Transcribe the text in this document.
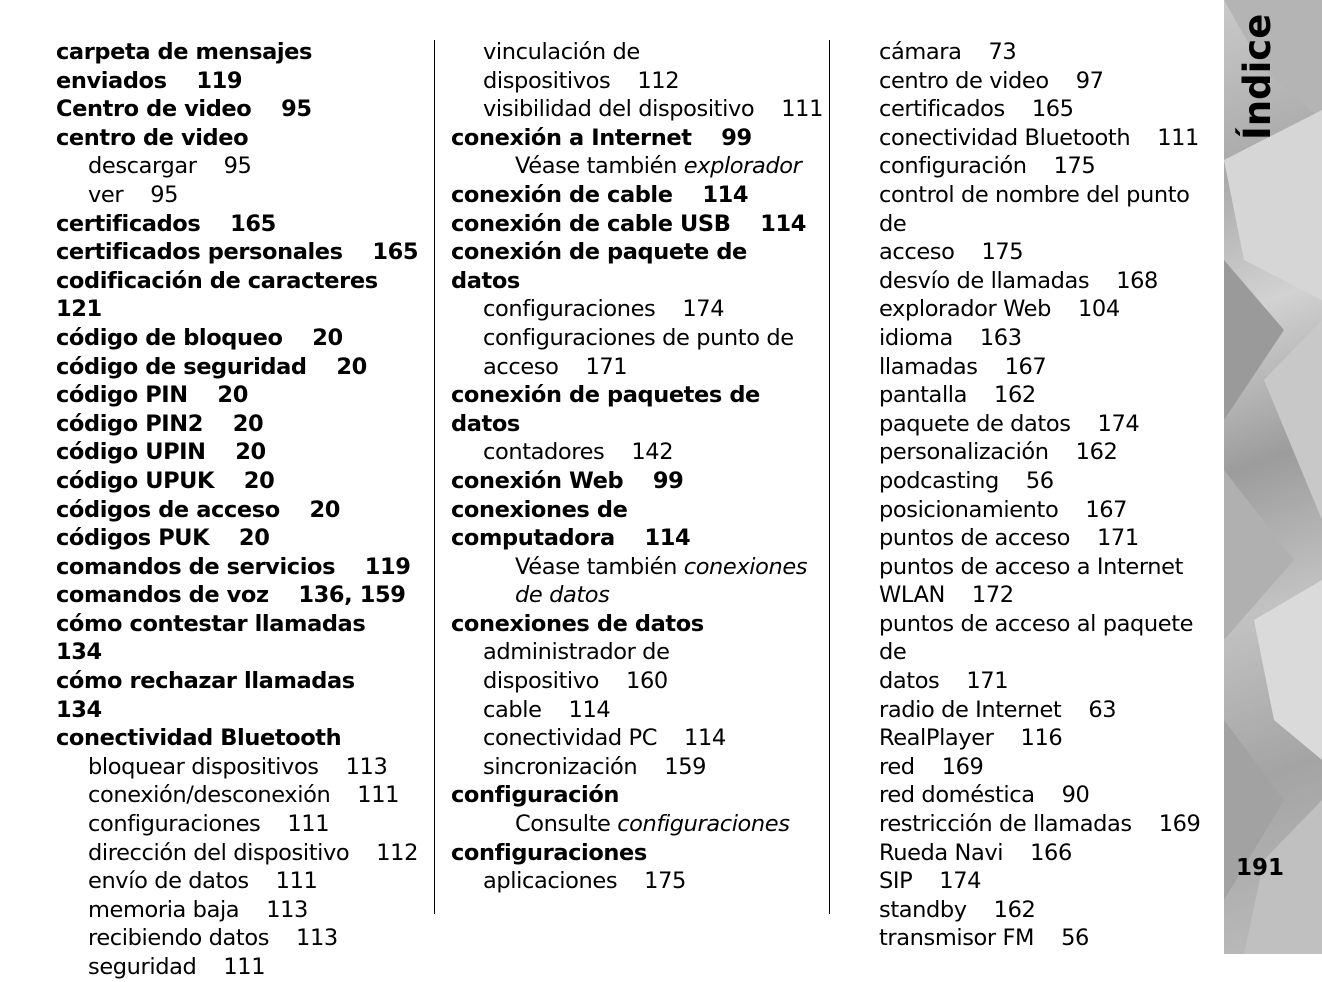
carpeta de mensajes
enviados    119
Centro de video    95
centro de video
descargar    95
ver    95
certificados    165
certificados personales    165
codificación de caracteres    121
código de bloqueo    20
código de seguridad    20
código PIN    20
código PIN2    20
código UPIN    20
código UPUK    20
códigos de acceso    20
códigos PUK    20
comandos de servicios    119
comandos de voz    136, 159
cómo contestar llamadas    134
cómo rechazar llamadas    134
conectividad Bluetooth
bloquear dispositivos    113
conexión/desconexión    111
configuraciones    111
dirección del dispositivo    112
envío de datos    111
memoria baja    113
recibiendo datos    113
seguridad    111
vinculación de
dispositivos    112
visibilidad del dispositivo    111
conexión a Internet    99
Véase también explorador
conexión de cable    114
conexión de cable USB    114
conexión de paquete de
datos
configuraciones    174
configuraciones de punto de
acceso    171
conexión de paquetes de
datos
contadores    142
conexión Web    99
conexiones de
computadora    114
Véase también conexiones
de datos
conexiones de datos
administrador de
dispositivo    160
cable    114
conectividad PC    114
sincronización    159
configuración
Consulte configuraciones
configuraciones
aplicaciones    175
cámara    73
centro de video    97
certificados    165
conectividad Bluetooth    111
configuración    175
control de nombre del punto de
acceso    175
desvío de llamadas    168
explorador Web    104
idioma    163
llamadas    167
pantalla    162
paquete de datos    174
personalización    162
podcasting    56
posicionamiento    167
puntos de acceso    171
puntos de acceso a Internet
WLAN    172
puntos de acceso al paquete de
datos    171
radio de Internet    63
RealPlayer    116
red    169
red doméstica    90
restricción de llamadas    169
Rueda Navi    166
SIP    174
standby    162
transmisor FM    56
Índice
191
